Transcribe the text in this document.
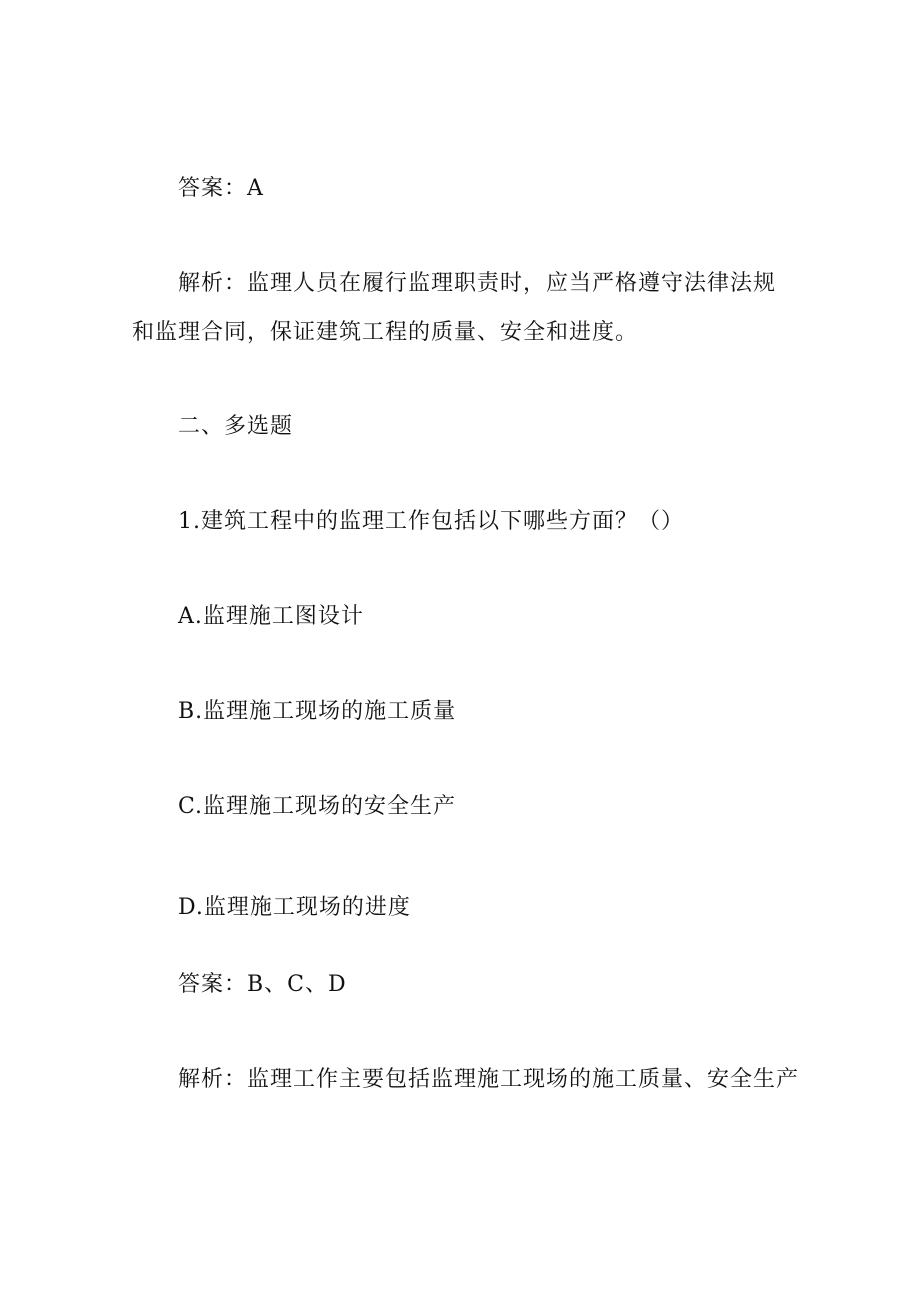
答案：A
解析：监理人员在履行监理职责时，应当严格遵守法律法规
和监理合同，保证建筑工程的质量、安全和进度。
二、多选题
1.建筑工程中的监理工作包括以下哪些方面？（）
A.监理施工图设计
B.监理施工现场的施工质量
C.监理施工现场的安全生产
D.监理施工现场的进度
答案：B、C、D
解析：监理工作主要包括监理施工现场的施工质量、安全生产
